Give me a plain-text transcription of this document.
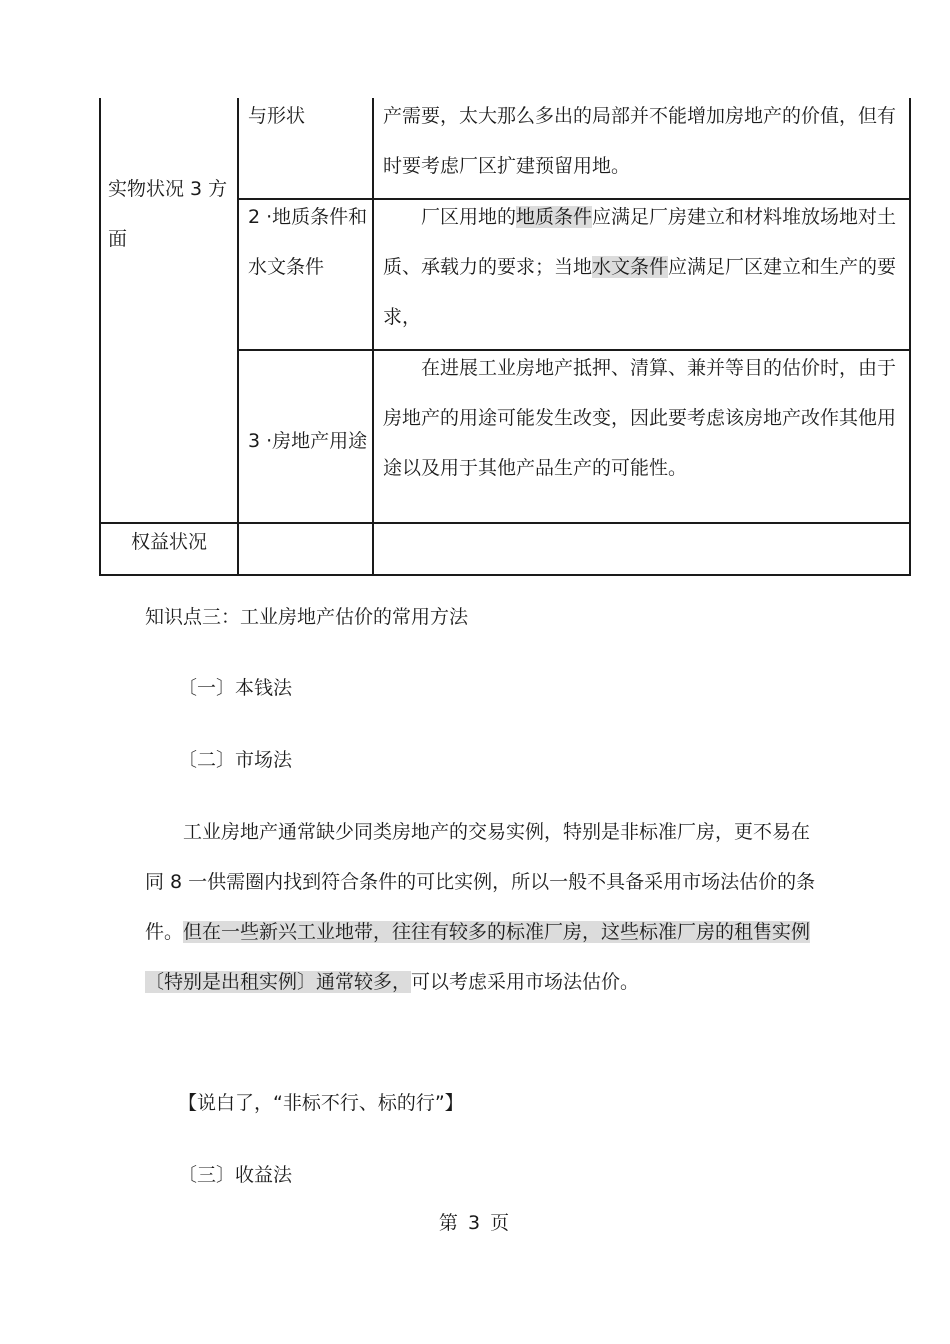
实物状况 3 方面
权益状况
与形状	产需要，太大那么多出的局部并不能增加房地产的价值，但有时要考虑厂区扩建预留用地。
2 ·地质条件和水文条件
厂区用地的地质条件应满足厂房建立和材料堆放场地对土质、承载力的要求；当地水文条件应满足厂区建立和生产的要求，
3 ·房地产用途
在进展工业房地产抵押、清算、兼并等目的估价时，由于房地产的用途可能发生改变，因此要考虑该房地产改作其他用途以及用于其他产品生产的可能性。
知识点三：工业房地产估价的常用方法
〔一〕本钱法
〔二〕市场法
工业房地产通常缺少同类房地产的交易实例，特别是非标准厂房，更不易在同 8 一供需圈内找到符合条件的可比实例，所以一般不具备采用市场法估价的条件。但在一些新兴工业地带，往往有较多的标准厂房，这些标准厂房的租售实例〔特别是出租实例〕通常较多，可以考虑采用市场法估价。
【说白了，“非标不行、标的行”】
〔三〕收益法
第 3 页
